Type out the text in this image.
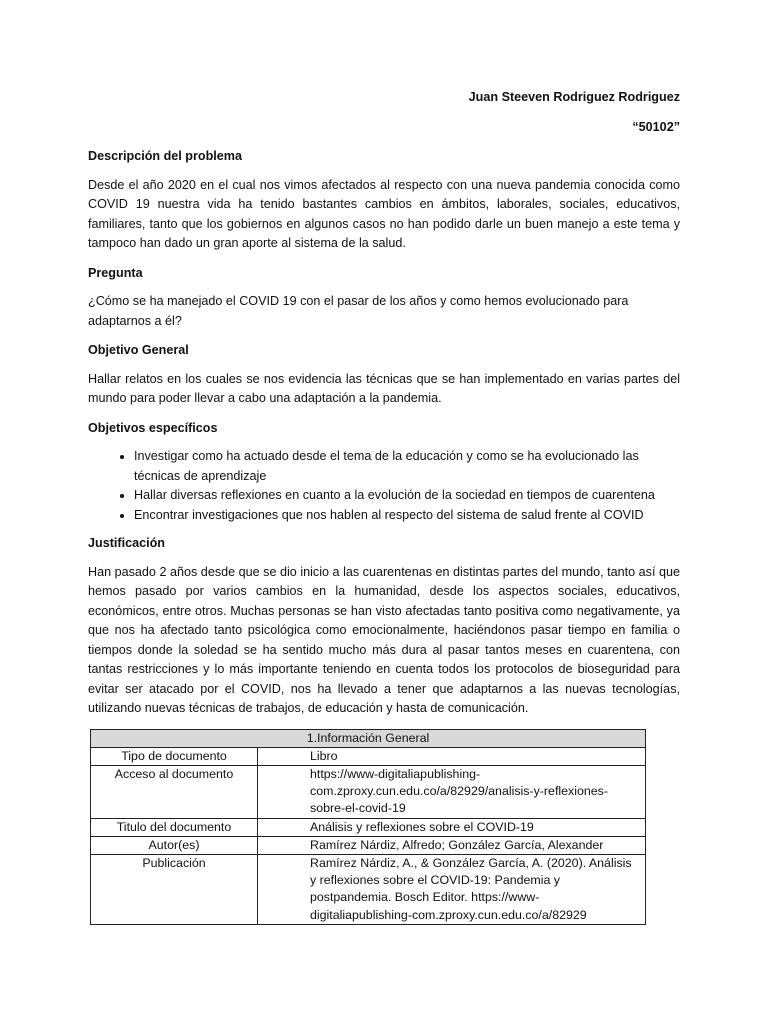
Juan Steeven Rodriguez Rodriguez

“50102”

Descripción del problema

Desde el año 2020 en el cual nos vimos afectados al respecto con una nueva pandemia conocida como COVID 19 nuestra vida ha tenido bastantes cambios en ámbitos, laborales, sociales, educativos, familiares, tanto que los gobiernos en algunos casos no han podido darle un buen manejo a este tema y tampoco han dado un gran aporte al sistema de la salud.

Pregunta

¿Cómo se ha manejado el COVID 19 con el pasar de los años y como hemos evolucionado para adaptarnos a él?

Objetivo General

Hallar relatos en los cuales se nos evidencia las técnicas que se han implementado en varias partes del mundo para poder llevar a cabo una adaptación a la pandemia.

Objetivos específicos
• Investigar como ha actuado desde el tema de la educación y como se ha evolucionado las técnicas de aprendizaje
• Hallar diversas reflexiones en cuanto a la evolución de la sociedad en tiempos de cuarentena
• Encontrar investigaciones que nos hablen al respecto del sistema de salud frente al COVID
Justificación

Han pasado 2 años desde que se dio inicio a las cuarentenas en distintas partes del mundo, tanto así que hemos pasado por varios cambios en la humanidad, desde los aspectos sociales, educativos, económicos, entre otros. Muchas personas se han visto afectadas tanto positiva como negativamente, ya que nos ha afectado tanto psicológica como emocionalmente, haciéndonos pasar tiempo en familia o tiempos donde la soledad se ha sentido mucho más dura al pasar tantos meses en cuarentena, con tantas restricciones y lo más importante teniendo en cuenta todos los protocolos de bioseguridad para evitar ser atacado por el COVID, nos ha llevado a tener que adaptarnos a las nuevas tecnologías, utilizando nuevas técnicas de trabajos, de educación y hasta de comunicación.

1.Información General	
Tipo de documento	Libro
Acceso al documento	https://www-digitaliapublishing-com.zproxy.cun.edu.co/a/82929/analisis-y-reflexiones-sobre-el-covid-19
Titulo del documento	Análisis y reflexiones sobre el COVID-19
Autor(es)	Ramírez Nárdiz, Alfredo; González García, Alexander
Publicación	Ramírez Nárdiz, A., & González García, A. (2020). Análisis y reflexiones sobre el COVID-19: Pandemia y postpandemia. Bosch Editor. https://www-digitaliapublishing-com.zproxy.cun.edu.co/a/82929
